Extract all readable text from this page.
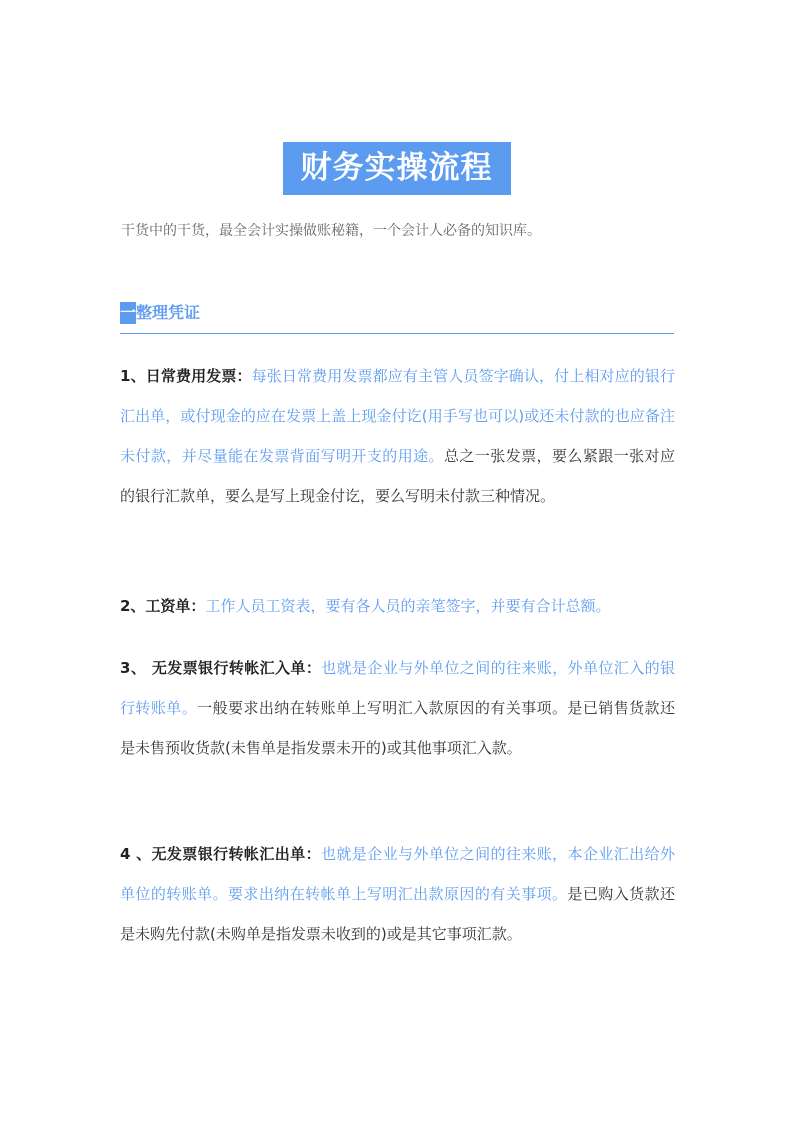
财务实操流程
干货中的干货，最全会计实操做账秘籍，一个会计人必备的知识库。
一整理凭证
1、日常费用发票：每张日常费用发票都应有主管人员签字确认，付上相对应的银行汇出单，或付现金的应在发票上盖上现金付讫(用手写也可以)或还未付款的也应备注未付款，并尽量能在发票背面写明开支的用途。总之一张发票，要么紧跟一张对应的银行汇款单，要么是写上现金付讫，要么写明未付款三种情况。
2、工资单：工作人员工资表，要有各人员的亲笔签字，并要有合计总额。
3、 无发票银行转帐汇入单：也就是企业与外单位之间的往来账，外单位汇入的银行转账单。一般要求出纳在转账单上写明汇入款原因的有关事项。是已销售货款还是未售预收货款(未售单是指发票未开的)或其他事项汇入款。
4 、无发票银行转帐汇出单：也就是企业与外单位之间的往来账，本企业汇出给外单位的转账单。要求出纳在转帐单上写明汇出款原因的有关事项。是已购入货款还是未购先付款(未购单是指发票未收到的)或是其它事项汇款。
